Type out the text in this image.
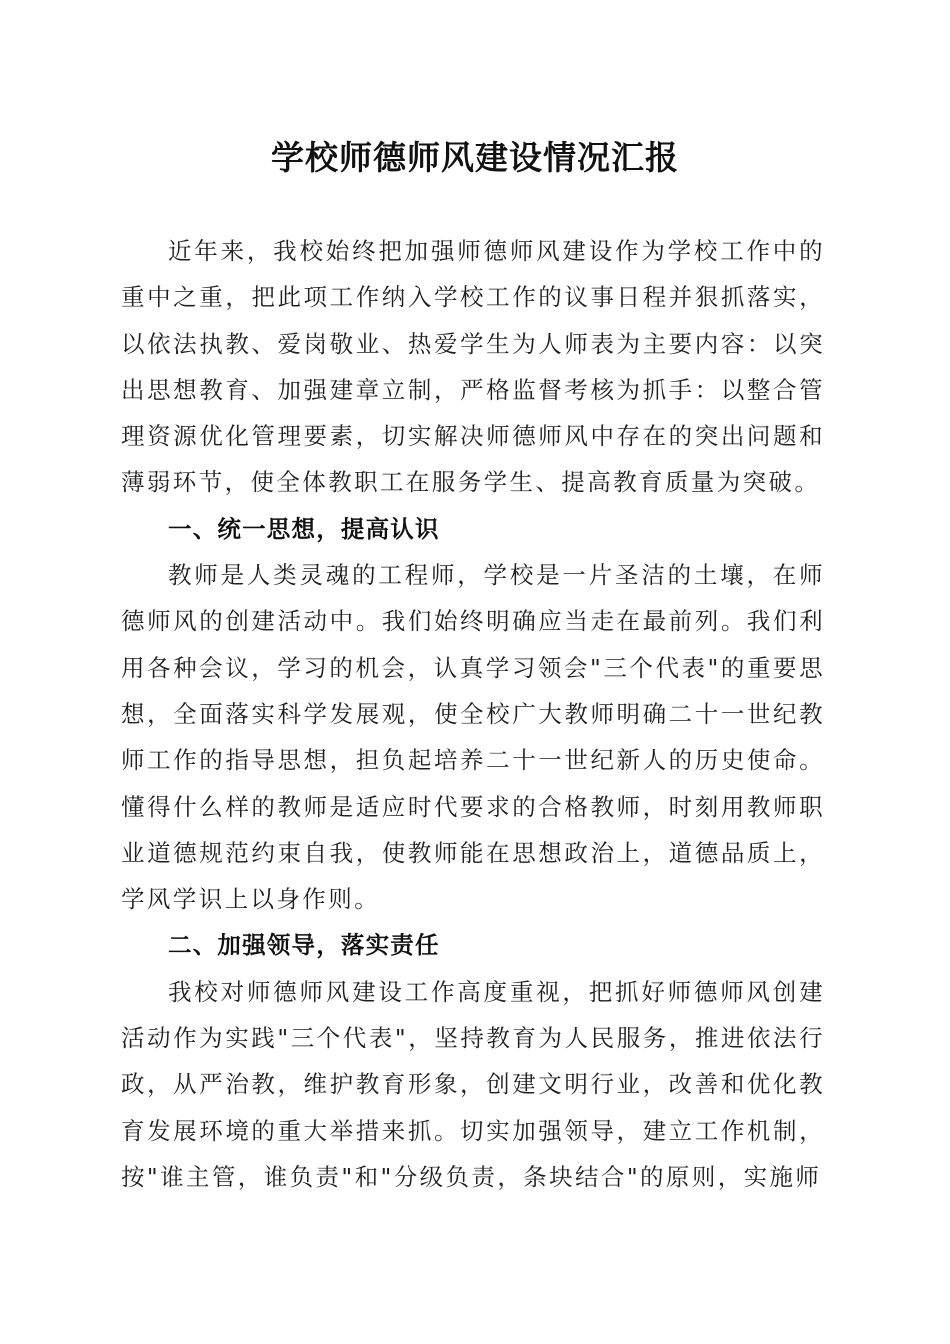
学校师德师风建设情况汇报

近年来，我校始终把加强师德师风建设作为学校工作中的重中之重，把此项工作纳入学校工作的议事日程并狠抓落实，以依法执教、爱岗敬业、热爱学生为人师表为主要内容：以突出思想教育、加强建章立制，严格监督考核为抓手：以整合管理资源优化管理要素，切实解决师德师风中存在的突出问题和薄弱环节，使全体教职工在服务学生、提高教育质量为突破。

一、统一思想，提高认识

教师是人类灵魂的工程师，学校是一片圣洁的土壤，在师德师风的创建活动中。我们始终明确应当走在最前列。我们利用各种会议，学习的机会，认真学习领会"三个代表"的重要思想，全面落实科学发展观，使全校广大教师明确二十一世纪教师工作的指导思想，担负起培养二十一世纪新人的历史使命。懂得什么样的教师是适应时代要求的合格教师，时刻用教师职业道德规范约束自我，使教师能在思想政治上，道德品质上，学风学识上以身作则。

二、加强领导，落实责任

我校对师德师风建设工作高度重视，把抓好师德师风创建活动作为实践"三个代表"，坚持教育为人民服务，推进依法行政，从严治教，维护教育形象，创建文明行业，改善和优化教育发展环境的重大举措来抓。切实加强领导，建立工作机制，按"谁主管，谁负责"和"分级负责，条块结合"的原则，实施师
